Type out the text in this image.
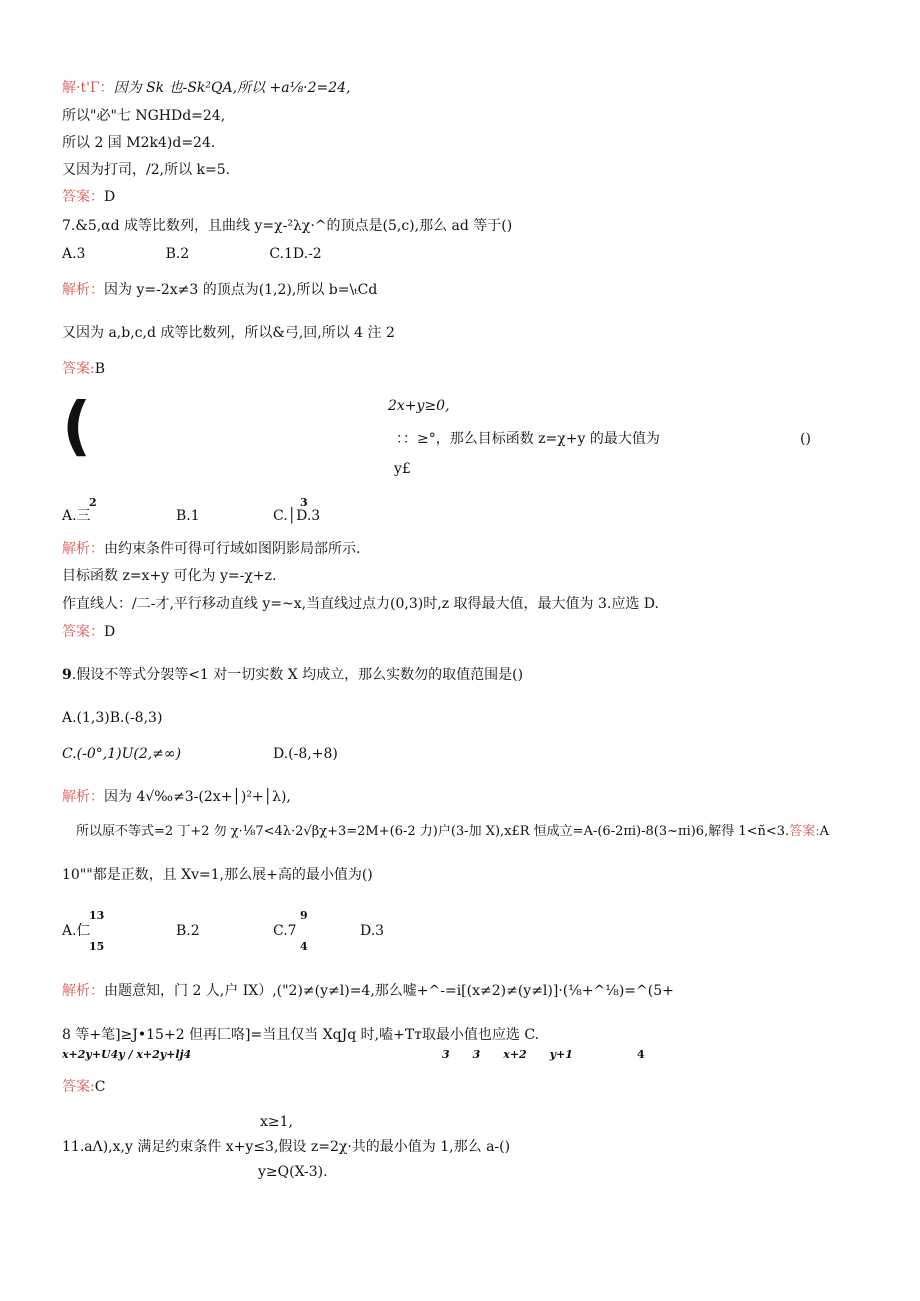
解·t'Γ：因为 Sk 也-Sk²QA,所以 +a⅛·2=24,
所以"必"七 NGHDd=24,
所以 2 国 M2k4)d=24.
又因为打司，/2,所以 k=5.
答案：D
7.&5,αd 成等比数列，且曲线 y=χ-²λχ·^的顶点是(5,c),那么 ad 等于()
A.3                  B.2                  C.1D.-2
解析：因为 y=-2x≠3 的顶点为(1,2),所以 b=\ₜCd
又因为 a,b,c,d 成等比数列，所以&弓,回,所以 4 注 2
答案:B
(	2x+y≥0,
：：≥°，那么目标函数 z=χ+y 的最大值为	()
y£
2	3
A.三	B.1	C.│D.3
解析：由约束条件可得可行域如图阴影局部所示.
目标函数 z=x+y 可化为 y=-χ+z.
作直线人：/二-才,平行移动直线 y=~x,当直线过点力(0,3)时,z 取得最大值，最大值为 3.应选 D.
答案：D
9.假设不等式分袈等<1 对一切实数 X 均成立，那么实数勿的取值范围是()
A.(1,3)B.(-8,3)
C.(-0°,1)U(2,≠∞)	D.(-8,+8)
解析：因为 4√‰≠3-(2x+│)²+│λ),
所以原不等式=2 丁+2 勿 χ·⅛7<4λ·2√βχ+3=2M+(6-2 力)户(3-加 X),x£R 恒成立=A-(6-2πi)-8(3~πi)6,解得 1<ñ<3.答案:A
10""都是正数，且 Xv=1,那么展+高的最小值为()
13	9
A.仁	B.2	C.7	D.3
15	4
解析：由题意知，门 2 人,户 IX）,("2)≠(y≠l)=4,那么嘘+^-=i[(x≠2)≠(y≠l)]·(⅛+^⅛)=^(5+
8 等+笔]≥J•15+2 但再匚咯]=当且仅当 XqJq 时,嗑+Tᴛ取最小值也应选 C.
x+2y+U4y / x+2y+lj4	3      3      x+2      y+1	4
答案:C
x≥1,
11.aΛ),x,y 满足约束条件 x+y≤3,假设 z=2χ·共的最小值为 1,那么 a-()
y≥Q(X-3).
